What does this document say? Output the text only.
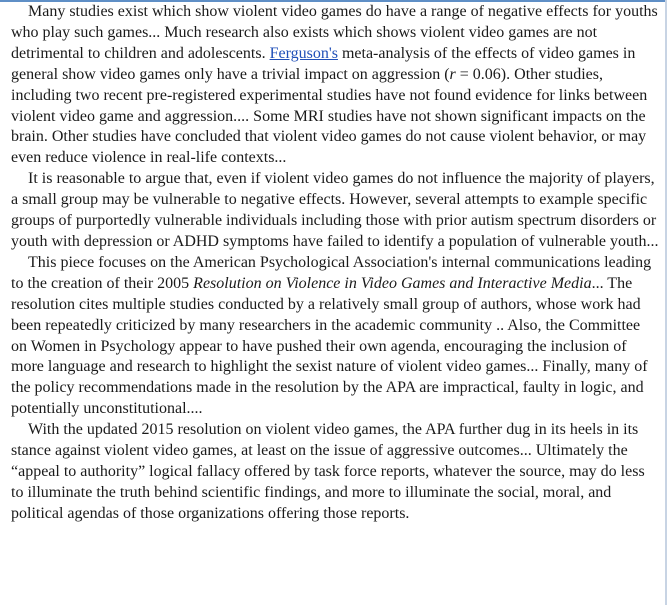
Many studies exist which show violent video games do have a range of negative effects for youths who play such games... Much research also exists which shows violent video games are not detrimental to children and adolescents. Ferguson's meta-analysis of the effects of video games in general show video games only have a trivial impact on aggression (r = 0.06). Other studies, including two recent pre-registered experimental studies have not found evidence for links between violent video game and aggression.... Some MRI studies have not shown significant impacts on the brain. Other studies have concluded that violent video games do not cause violent behavior, or may even reduce violence in real-life contexts...

It is reasonable to argue that, even if violent video games do not influence the majority of players, a small group may be vulnerable to negative effects. However, several attempts to example specific groups of purportedly vulnerable individuals including those with prior autism spectrum disorders or youth with depression or ADHD symptoms have failed to identify a population of vulnerable youth...

This piece focuses on the American Psychological Association's internal communications leading to the creation of their 2005 Resolution on Violence in Video Games and Interactive Media... The resolution cites multiple studies conducted by a relatively small group of authors, whose work had been repeatedly criticized by many researchers in the academic community .. Also, the Committee on Women in Psychology appear to have pushed their own agenda, encouraging the inclusion of more language and research to highlight the sexist nature of violent video games... Finally, many of the policy recommendations made in the resolution by the APA are impractical, faulty in logic, and potentially unconstitutional....

With the updated 2015 resolution on violent video games, the APA further dug in its heels in its stance against violent video games, at least on the issue of aggressive outcomes... Ultimately the “appeal to authority” logical fallacy offered by task force reports, whatever the source, may do less to illuminate the truth behind scientific findings, and more to illuminate the social, moral, and political agendas of those organizations offering those reports.
